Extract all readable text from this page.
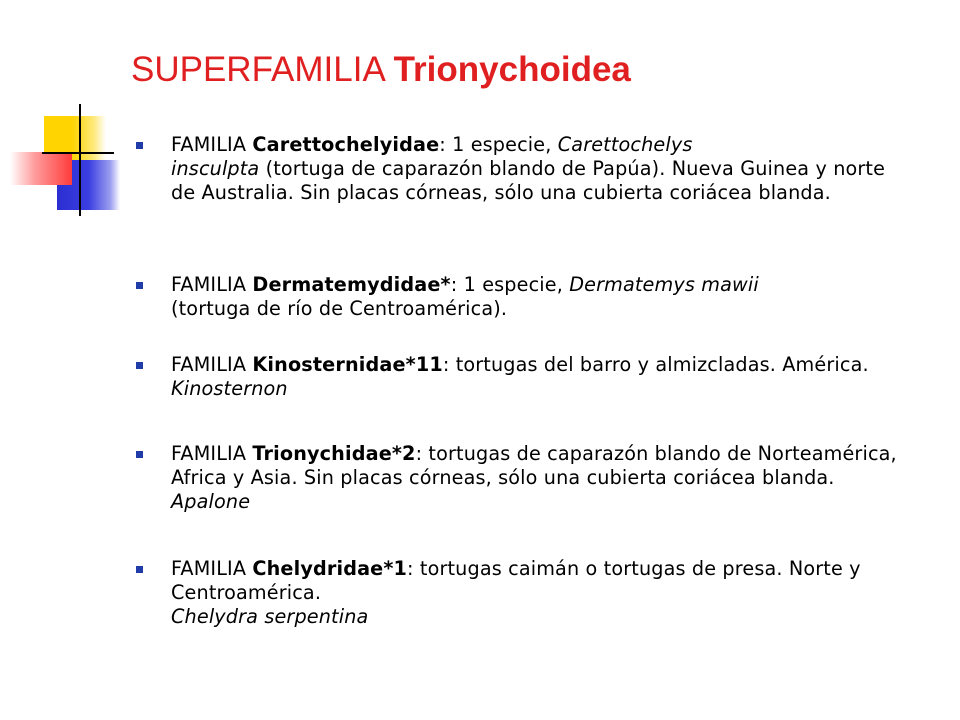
SUPERFAMILIA Trionychoidea
FAMILIA Carettochelyidae: 1 especie, Carettochelys
insculpta (tortuga de caparazón blando de Papúa). Nueva Guinea y norte de Australia. Sin placas córneas, sólo una cubierta coriácea blanda.
FAMILIA Dermatemydidae*: 1 especie, Dermatemys mawii
(tortuga de río de Centroamérica).
FAMILIA Kinosternidae*11: tortugas del barro y almizcladas. América. Kinosternon
FAMILIA Trionychidae*2: tortugas de caparazón blando de Norteamérica, Africa y Asia. Sin placas córneas, sólo una cubierta coriácea blanda. Apalone
FAMILIA Chelydridae*1: tortugas caimán o tortugas de presa. Norte y Centroamérica.
Chelydra serpentina
